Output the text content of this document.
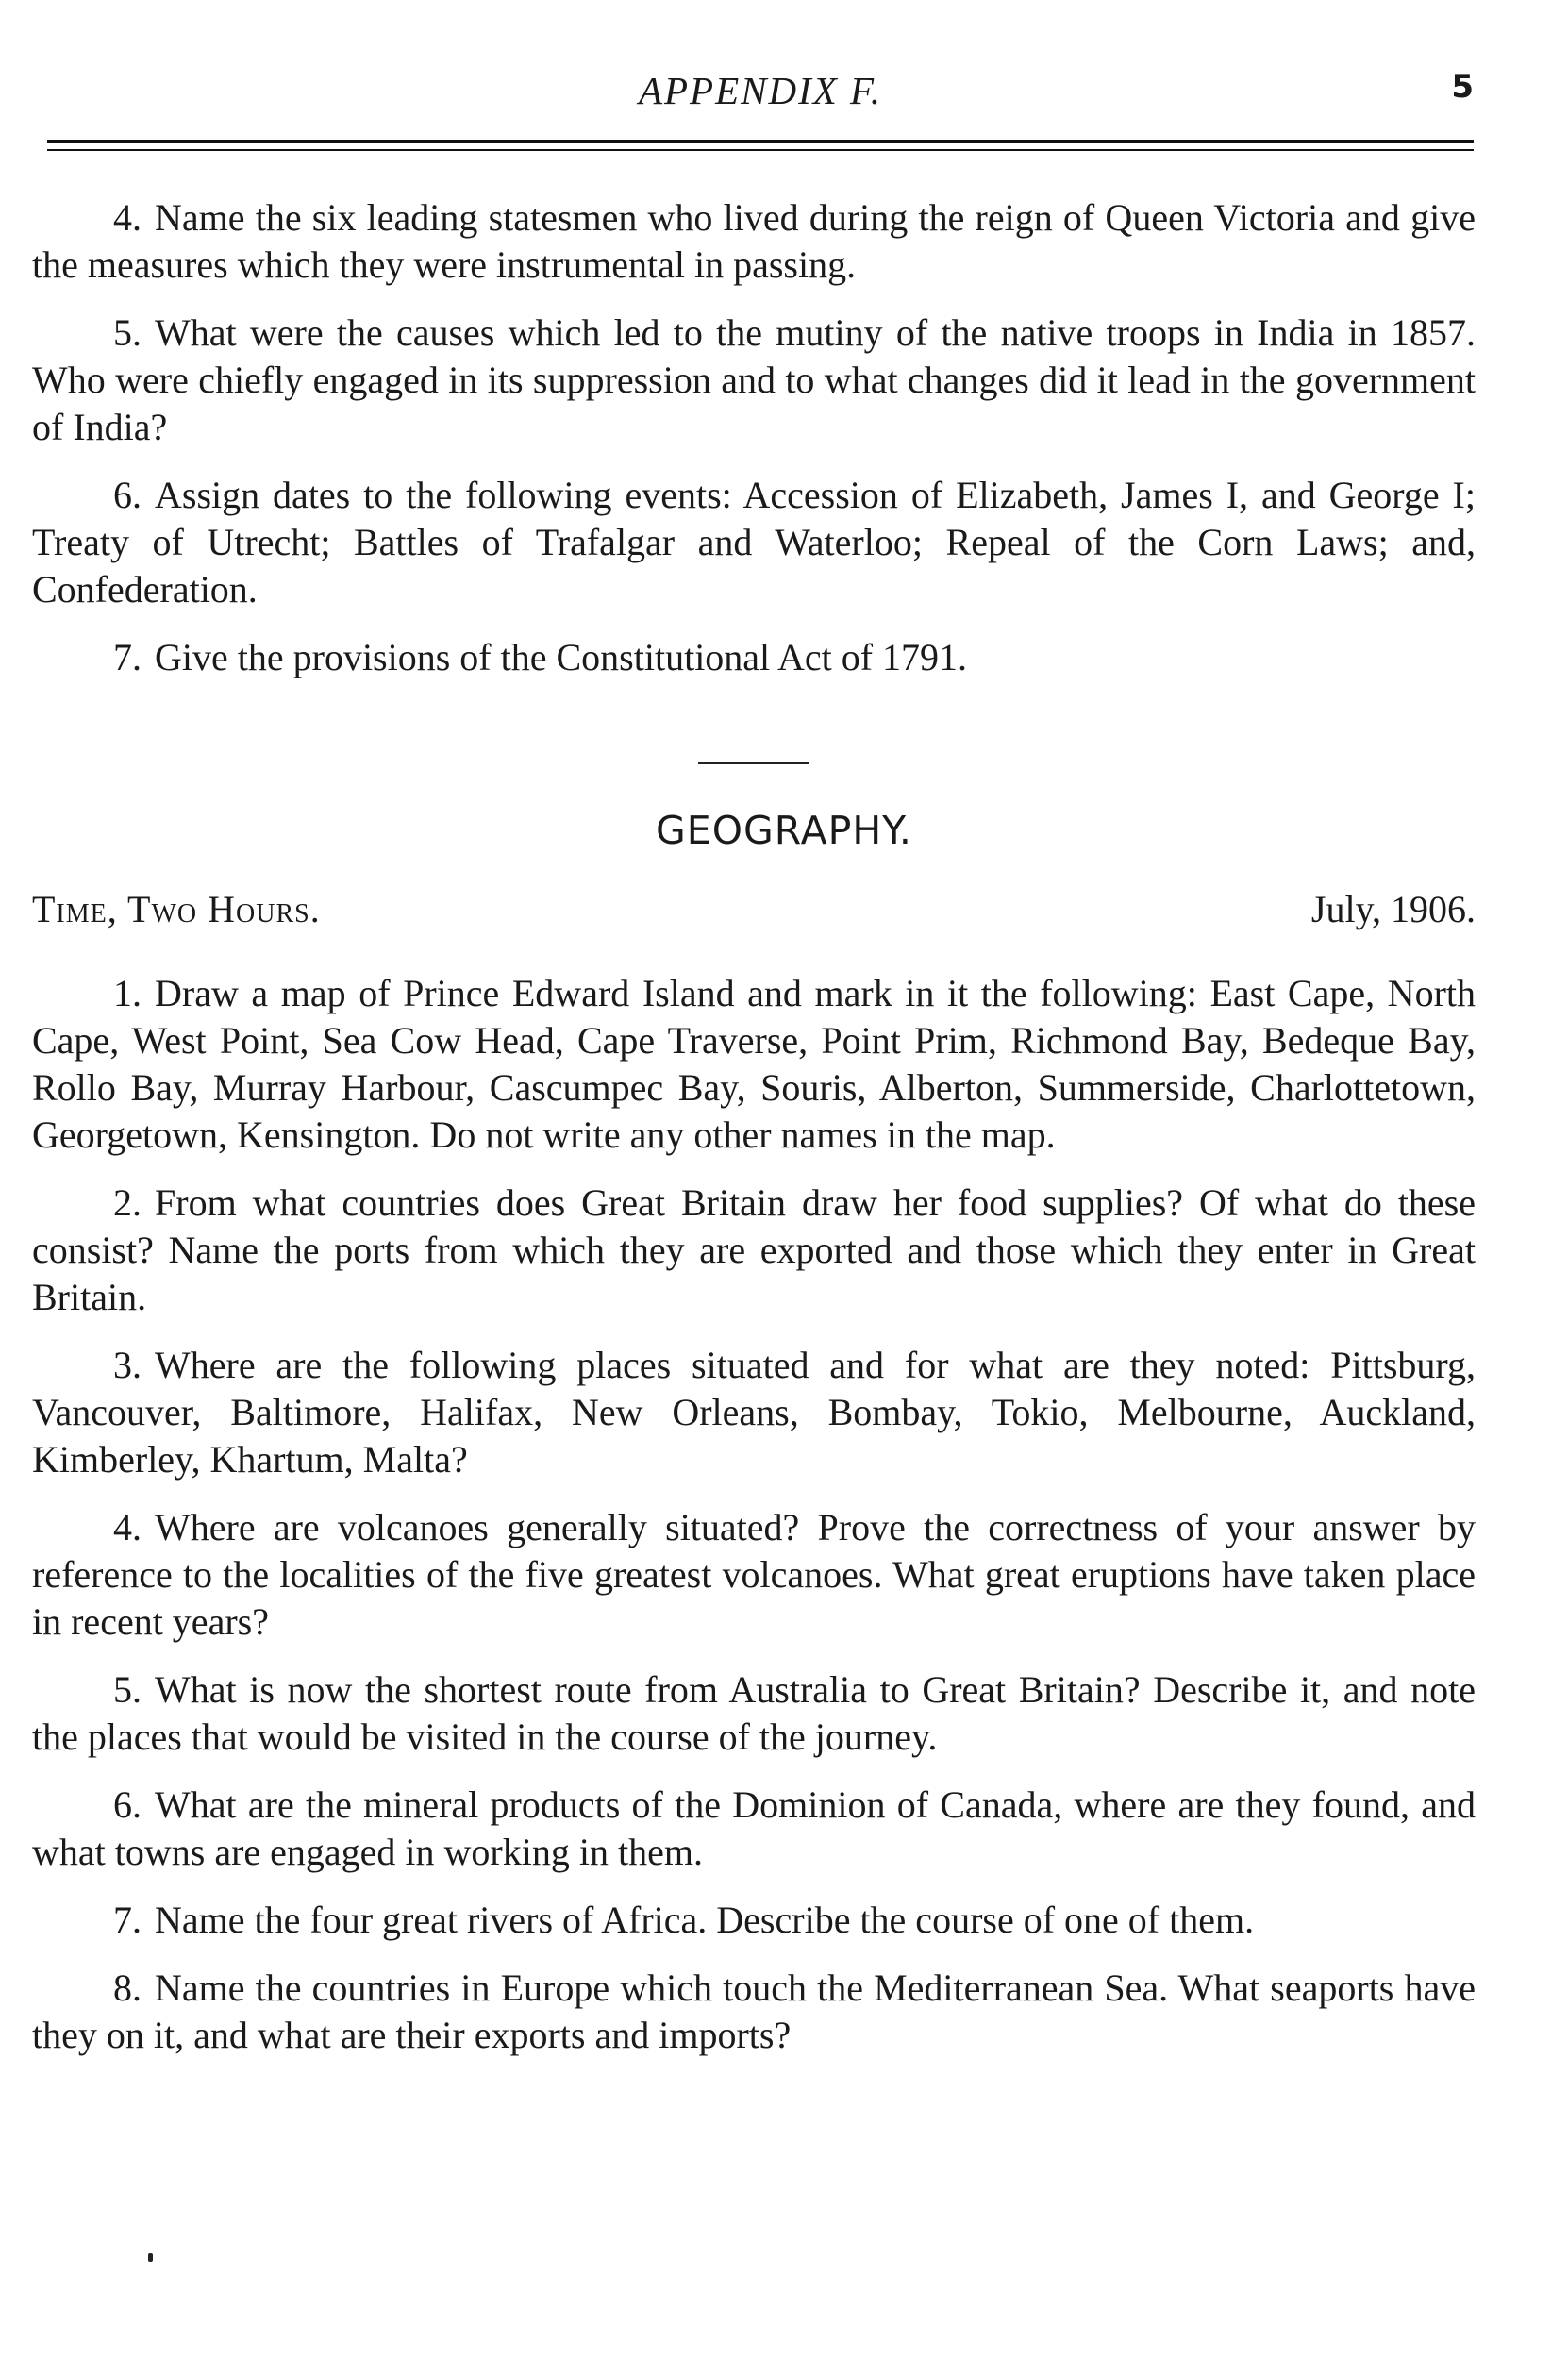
APPENDIX F.	5

4. Name the six leading statesmen who lived during the reign of Queen Victoria and give the measures which they were instrumental in passing.

5. What were the causes which led to the mutiny of the native troops in India in 1857. Who were chiefly engaged in its suppression and to what changes did it lead in the government of India?

6. Assign dates to the following events: Accession of Elizabeth, James I, and George I; Treaty of Utrecht; Battles of Trafalgar and Waterloo; Repeal of the Corn Laws; and, Confederation.

7. Give the provisions of the Constitutional Act of 1791.

GEOGRAPHY.
Time, Two Hours.	July, 1906.

1. Draw a map of Prince Edward Island and mark in it the following: East Cape, North Cape, West Point, Sea Cow Head, Cape Traverse, Point Prim, Richmond Bay, Bedeque Bay, Rollo Bay, Murray Harbour, Cascumpec Bay, Souris, Alberton, Summerside, Charlottetown, Georgetown, Kensington. Do not write any other names in the map.

2. From what countries does Great Britain draw her food supplies? Of what do these consist? Name the ports from which they are exported and those which they enter in Great Britain.

3. Where are the following places situated and for what are they noted: Pittsburg, Vancouver, Baltimore, Halifax, New Orleans, Bombay, Tokio, Melbourne, Auckland, Kimberley, Khartum, Malta?

4. Where are volcanoes generally situated? Prove the correctness of your answer by reference to the localities of the five greatest volcanoes. What great eruptions have taken place in recent years?

5. What is now the shortest route from Australia to Great Britain? Describe it, and note the places that would be visited in the course of the journey.

6. What are the mineral products of the Dominion of Canada, where are they found, and what towns are engaged in working in them.

7. Name the four great rivers of Africa. Describe the course of one of them.

8. Name the countries in Europe which touch the Mediterranean Sea. What seaports have they on it, and what are their exports and imports?
